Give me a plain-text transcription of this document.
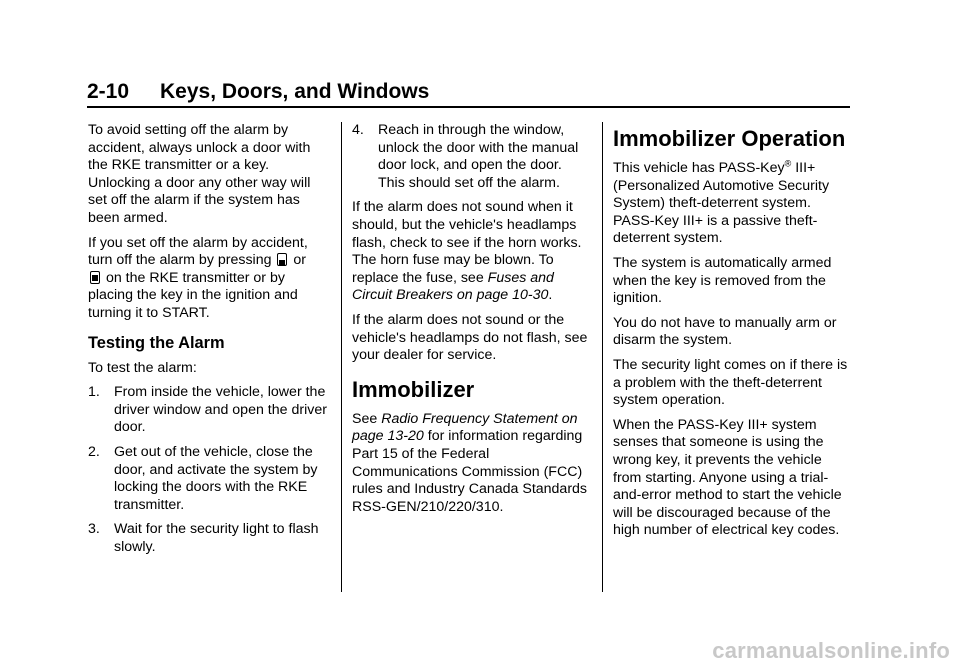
2-10 Keys, Doors, and Windows

To avoid setting off the alarm by accident, always unlock a door with the RKE transmitter or a key. Unlocking a door any other way will set off the alarm if the system has been armed.

If you set off the alarm by accident, turn off the alarm by pressing or
on the RKE transmitter or by placing the key in the ignition and turning it to START.

Testing the Alarm

To test the alarm:

1. From inside the vehicle, lower the driver window and open the driver door.
2. Get out of the vehicle, close the door, and activate the system by locking the doors with the RKE transmitter.
3. Wait for the security light to flash slowly.
4. Reach in through the window, unlock the door with the manual door lock, and open the door. This should set off the alarm.

If the alarm does not sound when it should, but the vehicle's headlamps flash, check to see if the horn works. The horn fuse may be blown. To replace the fuse, see Fuses and Circuit Breakers on page 10-30.

If the alarm does not sound or the vehicle's headlamps do not flash, see your dealer for service.

Immobilizer

See Radio Frequency Statement on page 13-20 for information regarding Part 15 of the Federal Communications Commission (FCC) rules and Industry Canada Standards RSS-GEN/210/220/310.

Immobilizer Operation

This vehicle has PASS-Key® III+ (Personalized Automotive Security System) theft-deterrent system. PASS-Key III+ is a passive theft-deterrent system.

The system is automatically armed when the key is removed from the ignition.

You do not have to manually arm or disarm the system.

The security light comes on if there is a problem with the theft-deterrent system operation.

When the PASS-Key III+ system senses that someone is using the wrong key, it prevents the vehicle from starting. Anyone using a trial-and-error method to start the vehicle will be discouraged because of the high number of electrical key codes.

carmanualsonline.info
